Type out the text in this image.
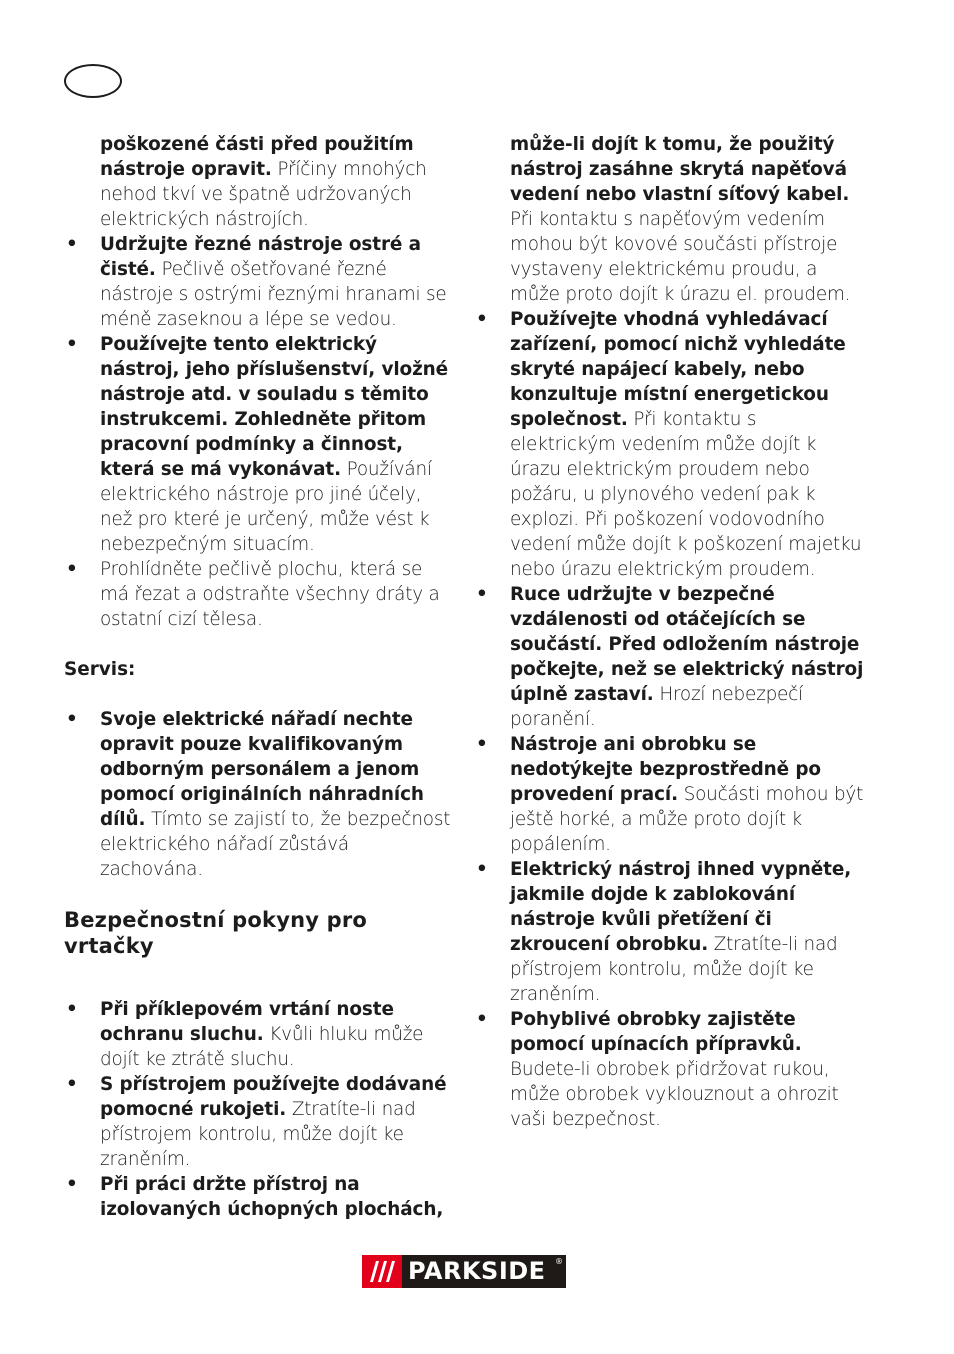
poškozené části před použitím nástroje opravit. Příčiny mnohých nehod tkví ve špatně udržovaných elektrických nástrojích.
• Udržujte řezné nástroje ostré a čisté. Pečlivě ošetřované řezné nástroje s ostrými řeznými hranami se méně zaseknou a lépe se vedou.
• Používejte tento elektrický nástroj, jeho příslušenství, vložné nástroje atd. v souladu s těmito instrukcemi. Zohledněte přitom pracovní podmínky a činnost, která se má vykonávat. Používání elektrického nástroje pro jiné účely, než pro které je určený, může vést k nebezpečným situacím.
• Prohlídněte pečlivě plochu, která se má řezat a odstraňte všechny dráty a ostatní cizí tělesa.
Servis:
• Svoje elektrické nářadí nechte opravit pouze kvalifikovaným odborným personálem a jenom pomocí originálních náhradních dílů. Tímto se zajistí to, že bezpečnost elektrického nářadí zůstává zachována.
Bezpečnostní pokyny pro vrtačky
• Při příklepovém vrtání noste ochranu sluchu. Kvůli hluku může dojít ke ztrátě sluchu.
• S přístrojem používejte dodávané pomocné rukojeti. Ztratíte-li nad přístrojem kontrolu, může dojít ke zraněním.
• Při práci držte přístroj na izolovaných úchopných plochách,
může-li dojít k tomu, že použitý nástroj zasáhne skrytá napěťová vedení nebo vlastní síťový kabel. Při kontaktu s napěťovým vedením mohou být kovové součásti přístroje vystaveny elektrickému proudu, a může proto dojít k úrazu el. proudem.
• Používejte vhodná vyhledávací zařízení, pomocí nichž vyhledáte skryté napájecí kabely, nebo konzultuje místní energetickou společnost. Při kontaktu s elektrickým vedením může dojít k úrazu elektrickým proudem nebo požáru, u plynového vedení pak k explozi. Při poškození vodovodního vedení může dojít k poškození majetku nebo úrazu elektrickým proudem.
• Ruce udržujte v bezpečné vzdálenosti od otáčejících se součástí. Před odložením nástroje počkejte, než se elektrický nástroj úplně zastaví. Hrozí nebezpečí poranění.
• Nástroje ani obrobku se nedotýkejte bezprostředně po provedení prací. Součásti mohou být ještě horké, a může proto dojít k popálením.
• Elektrický nástroj ihned vypněte, jakmile dojde k zablokování nástroje kvůli přetížení či zkroucení obrobku. Ztratíte-li nad přístrojem kontrolu, může dojít ke zraněním.
• Pohyblivé obrobky zajistěte pomocí upínacích přípravků. Budete-li obrobek přidržovat rukou, může obrobek vyklouznout a ohrozit vaši bezpečnost.
PARKSIDE ®
